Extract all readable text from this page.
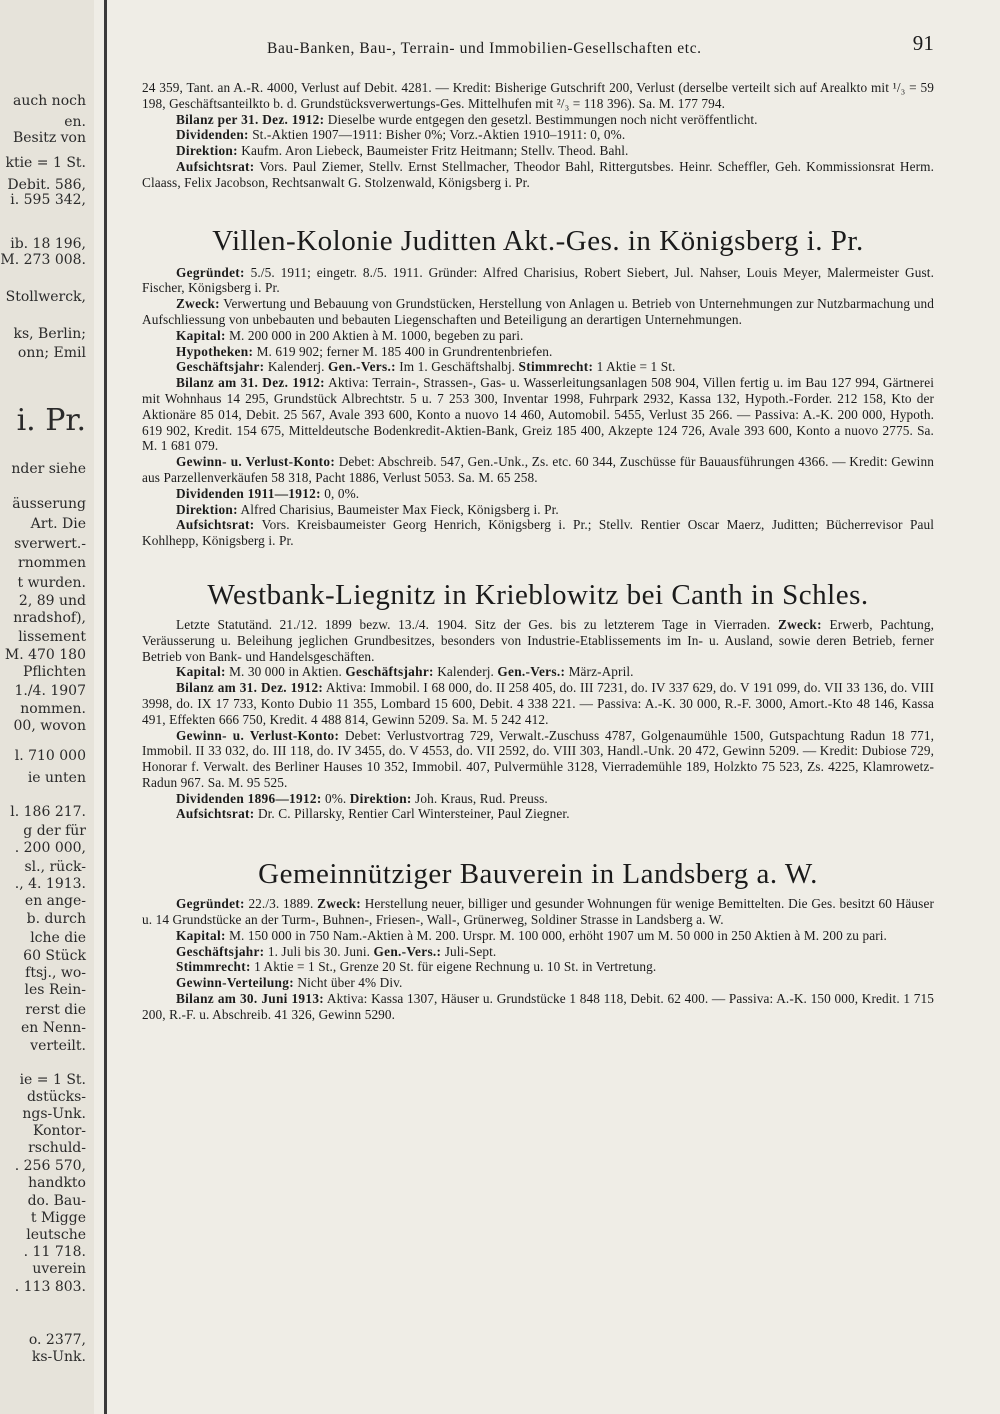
auch noch
en.
Besitz von
ktie = 1 St.
Debit. 586,
i. 595 342,
ib. 18 196,
M. 273 008.
Stollwerck,
ks, Berlin;
onn; Emil
i. Pr.
nder siehe
äusserung
Art. Die
sverwert.-
rnommen
t wurden.
2, 89 und
nradshof),
lissement
M. 470 180
Pflichten
1./4. 1907
nommen.
00, wovon
l. 710 000
ie unten
l. 186 217.
g der für
. 200 000,
sl., rück-
., 4. 1913.
en ange-
b. durch
lche die
60 Stück
ftsj., wo-
les Rein-
rerst die
en Nenn-
verteilt.
ie = 1 St.
dstücks-
ngs-Unk.
Kontor-
rschuld-
. 256 570,
handkto
do. Bau-
t Migge
leutsche
. 11 718.
uverein
. 113 803.
o. 2377,
ks-Unk.
Bau-Banken, Bau-, Terrain- und Immobilien-Gesellschaften etc.	91

24 359, Tant. an A.-R. 4000, Verlust auf Debit. 4281. — Kredit: Bisherige Gutschrift 200, Verlust (derselbe verteilt sich auf Arealkto mit ¹/₃ = 59 198, Geschäftsanteilkto b. d. Grundstücksverwertungs-Ges. Mittelhufen mit ²/₃ = 118 396). Sa. M. 177 794.

Bilanz per 31. Dez. 1912: Dieselbe wurde entgegen den gesetzl. Bestimmungen noch nicht veröffentlicht.

Dividenden: St.-Aktien 1907—1911: Bisher 0%; Vorz.-Aktien 1910–1911: 0, 0%.

Direktion: Kaufm. Aron Liebeck, Baumeister Fritz Heitmann; Stellv. Theod. Bahl.

Aufsichtsrat: Vors. Paul Ziemer, Stellv. Ernst Stellmacher, Theodor Bahl, Rittergutsbes. Heinr. Scheffler, Geh. Kommissionsrat Herm. Claass, Felix Jacobson, Rechtsanwalt G. Stolzenwald, Königsberg i. Pr.

Villen-Kolonie Juditten Akt.-Ges. in Königsberg i. Pr.

Gegründet: 5./5. 1911; eingetr. 8./5. 1911. Gründer: Alfred Charisius, Robert Siebert, Jul. Nahser, Louis Meyer, Malermeister Gust. Fischer, Königsberg i. Pr.

Zweck: Verwertung und Bebauung von Grundstücken, Herstellung von Anlagen u. Betrieb von Unternehmungen zur Nutzbarmachung und Aufschliessung von unbebauten und bebauten Liegenschaften und Beteiligung an derartigen Unternehmungen.

Kapital: M. 200 000 in 200 Aktien à M. 1000, begeben zu pari.

Hypotheken: M. 619 902; ferner M. 185 400 in Grundrentenbriefen.

Geschäftsjahr: Kalenderj. Gen.-Vers.: Im 1. Geschäftshalbj. Stimmrecht: 1 Aktie = 1 St.

Bilanz am 31. Dez. 1912: Aktiva: Terrain-, Strassen-, Gas- u. Wasserleitungsanlagen 508 904, Villen fertig u. im Bau 127 994, Gärtnerei mit Wohnhaus 14 295, Grundstück Albrechtstr. 5 u. 7 253 300, Inventar 1998, Fuhrpark 2932, Kassa 132, Hypoth.-Forder. 212 158, Kto der Aktionäre 85 014, Debit. 25 567, Avale 393 600, Konto a nuovo 14 460, Automobil. 5455, Verlust 35 266. — Passiva: A.-K. 200 000, Hypoth. 619 902, Kredit. 154 675, Mitteldeutsche Bodenkredit-Aktien-Bank, Greiz 185 400, Akzepte 124 726, Avale 393 600, Konto a nuovo 2775. Sa. M. 1 681 079.

Gewinn- u. Verlust-Konto: Debet: Abschreib. 547, Gen.-Unk., Zs. etc. 60 344, Zuschüsse für Bauausführungen 4366. — Kredit: Gewinn aus Parzellenverkäufen 58 318, Pacht 1886, Verlust 5053. Sa. M. 65 258.

Dividenden 1911—1912: 0, 0%.

Direktion: Alfred Charisius, Baumeister Max Fieck, Königsberg i. Pr.

Aufsichtsrat: Vors. Kreisbaumeister Georg Henrich, Königsberg i. Pr.; Stellv. Rentier Oscar Maerz, Juditten; Bücherrevisor Paul Kohlhepp, Königsberg i. Pr.

Westbank-Liegnitz in Krieblowitz bei Canth in Schles.

Letzte Statutänd. 21./12. 1899 bezw. 13./4. 1904. Sitz der Ges. bis zu letzterem Tage in Vierraden. Zweck: Erwerb, Pachtung, Veräusserung u. Beleihung jeglichen Grundbesitzes, besonders von Industrie-Etablissements im In- u. Ausland, sowie deren Betrieb, ferner Betrieb von Bank- und Handelsgeschäften.

Kapital: M. 30 000 in Aktien. Geschäftsjahr: Kalenderj. Gen.-Vers.: März-April.

Bilanz am 31. Dez. 1912: Aktiva: Immobil. I 68 000, do. II 258 405, do. III 7231, do. IV 337 629, do. V 191 099, do. VII 33 136, do. VIII 3998, do. IX 17 733, Konto Dubio 11 355, Lombard 15 600, Debit. 4 338 221. — Passiva: A.-K. 30 000, R.-F. 3000, Amort.-Kto 48 146, Kassa 491, Effekten 666 750, Kredit. 4 488 814, Gewinn 5209. Sa. M. 5 242 412.

Gewinn- u. Verlust-Konto: Debet: Verlustvortrag 729, Verwalt.-Zuschuss 4787, Golgenaumühle 1500, Gutspachtung Radun 18 771, Immobil. II 33 032, do. III 118, do. IV 3455, do. V 4553, do. VII 2592, do. VIII 303, Handl.-Unk. 20 472, Gewinn 5209. — Kredit: Dubiose 729, Honorar f. Verwalt. des Berliner Hauses 10 352, Immobil. 407, Pulvermühle 3128, Vierrademühle 189, Holzkto 75 523, Zs. 4225, Klamrowetz-Radun 967. Sa. M. 95 525.

Dividenden 1896—1912: 0%. Direktion: Joh. Kraus, Rud. Preuss.

Aufsichtsrat: Dr. C. Pillarsky, Rentier Carl Wintersteiner, Paul Ziegner.

Gemeinnütziger Bauverein in Landsberg a. W.

Gegründet: 22./3. 1889. Zweck: Herstellung neuer, billiger und gesunder Wohnungen für wenige Bemittelten. Die Ges. besitzt 60 Häuser u. 14 Grundstücke an der Turm-, Buhnen-, Friesen-, Wall-, Grünerweg, Soldiner Strasse in Landsberg a. W.

Kapital: M. 150 000 in 750 Nam.-Aktien à M. 200. Urspr. M. 100 000, erhöht 1907 um M. 50 000 in 250 Aktien à M. 200 zu pari.

Geschäftsjahr: 1. Juli bis 30. Juni. Gen.-Vers.: Juli-Sept.

Stimmrecht: 1 Aktie = 1 St., Grenze 20 St. für eigene Rechnung u. 10 St. in Vertretung.

Gewinn-Verteilung: Nicht über 4% Div.

Bilanz am 30. Juni 1913: Aktiva: Kassa 1307, Häuser u. Grundstücke 1 848 118, Debit. 62 400. — Passiva: A.-K. 150 000, Kredit. 1 715 200, R.-F. u. Abschreib. 41 326, Gewinn 5290.
